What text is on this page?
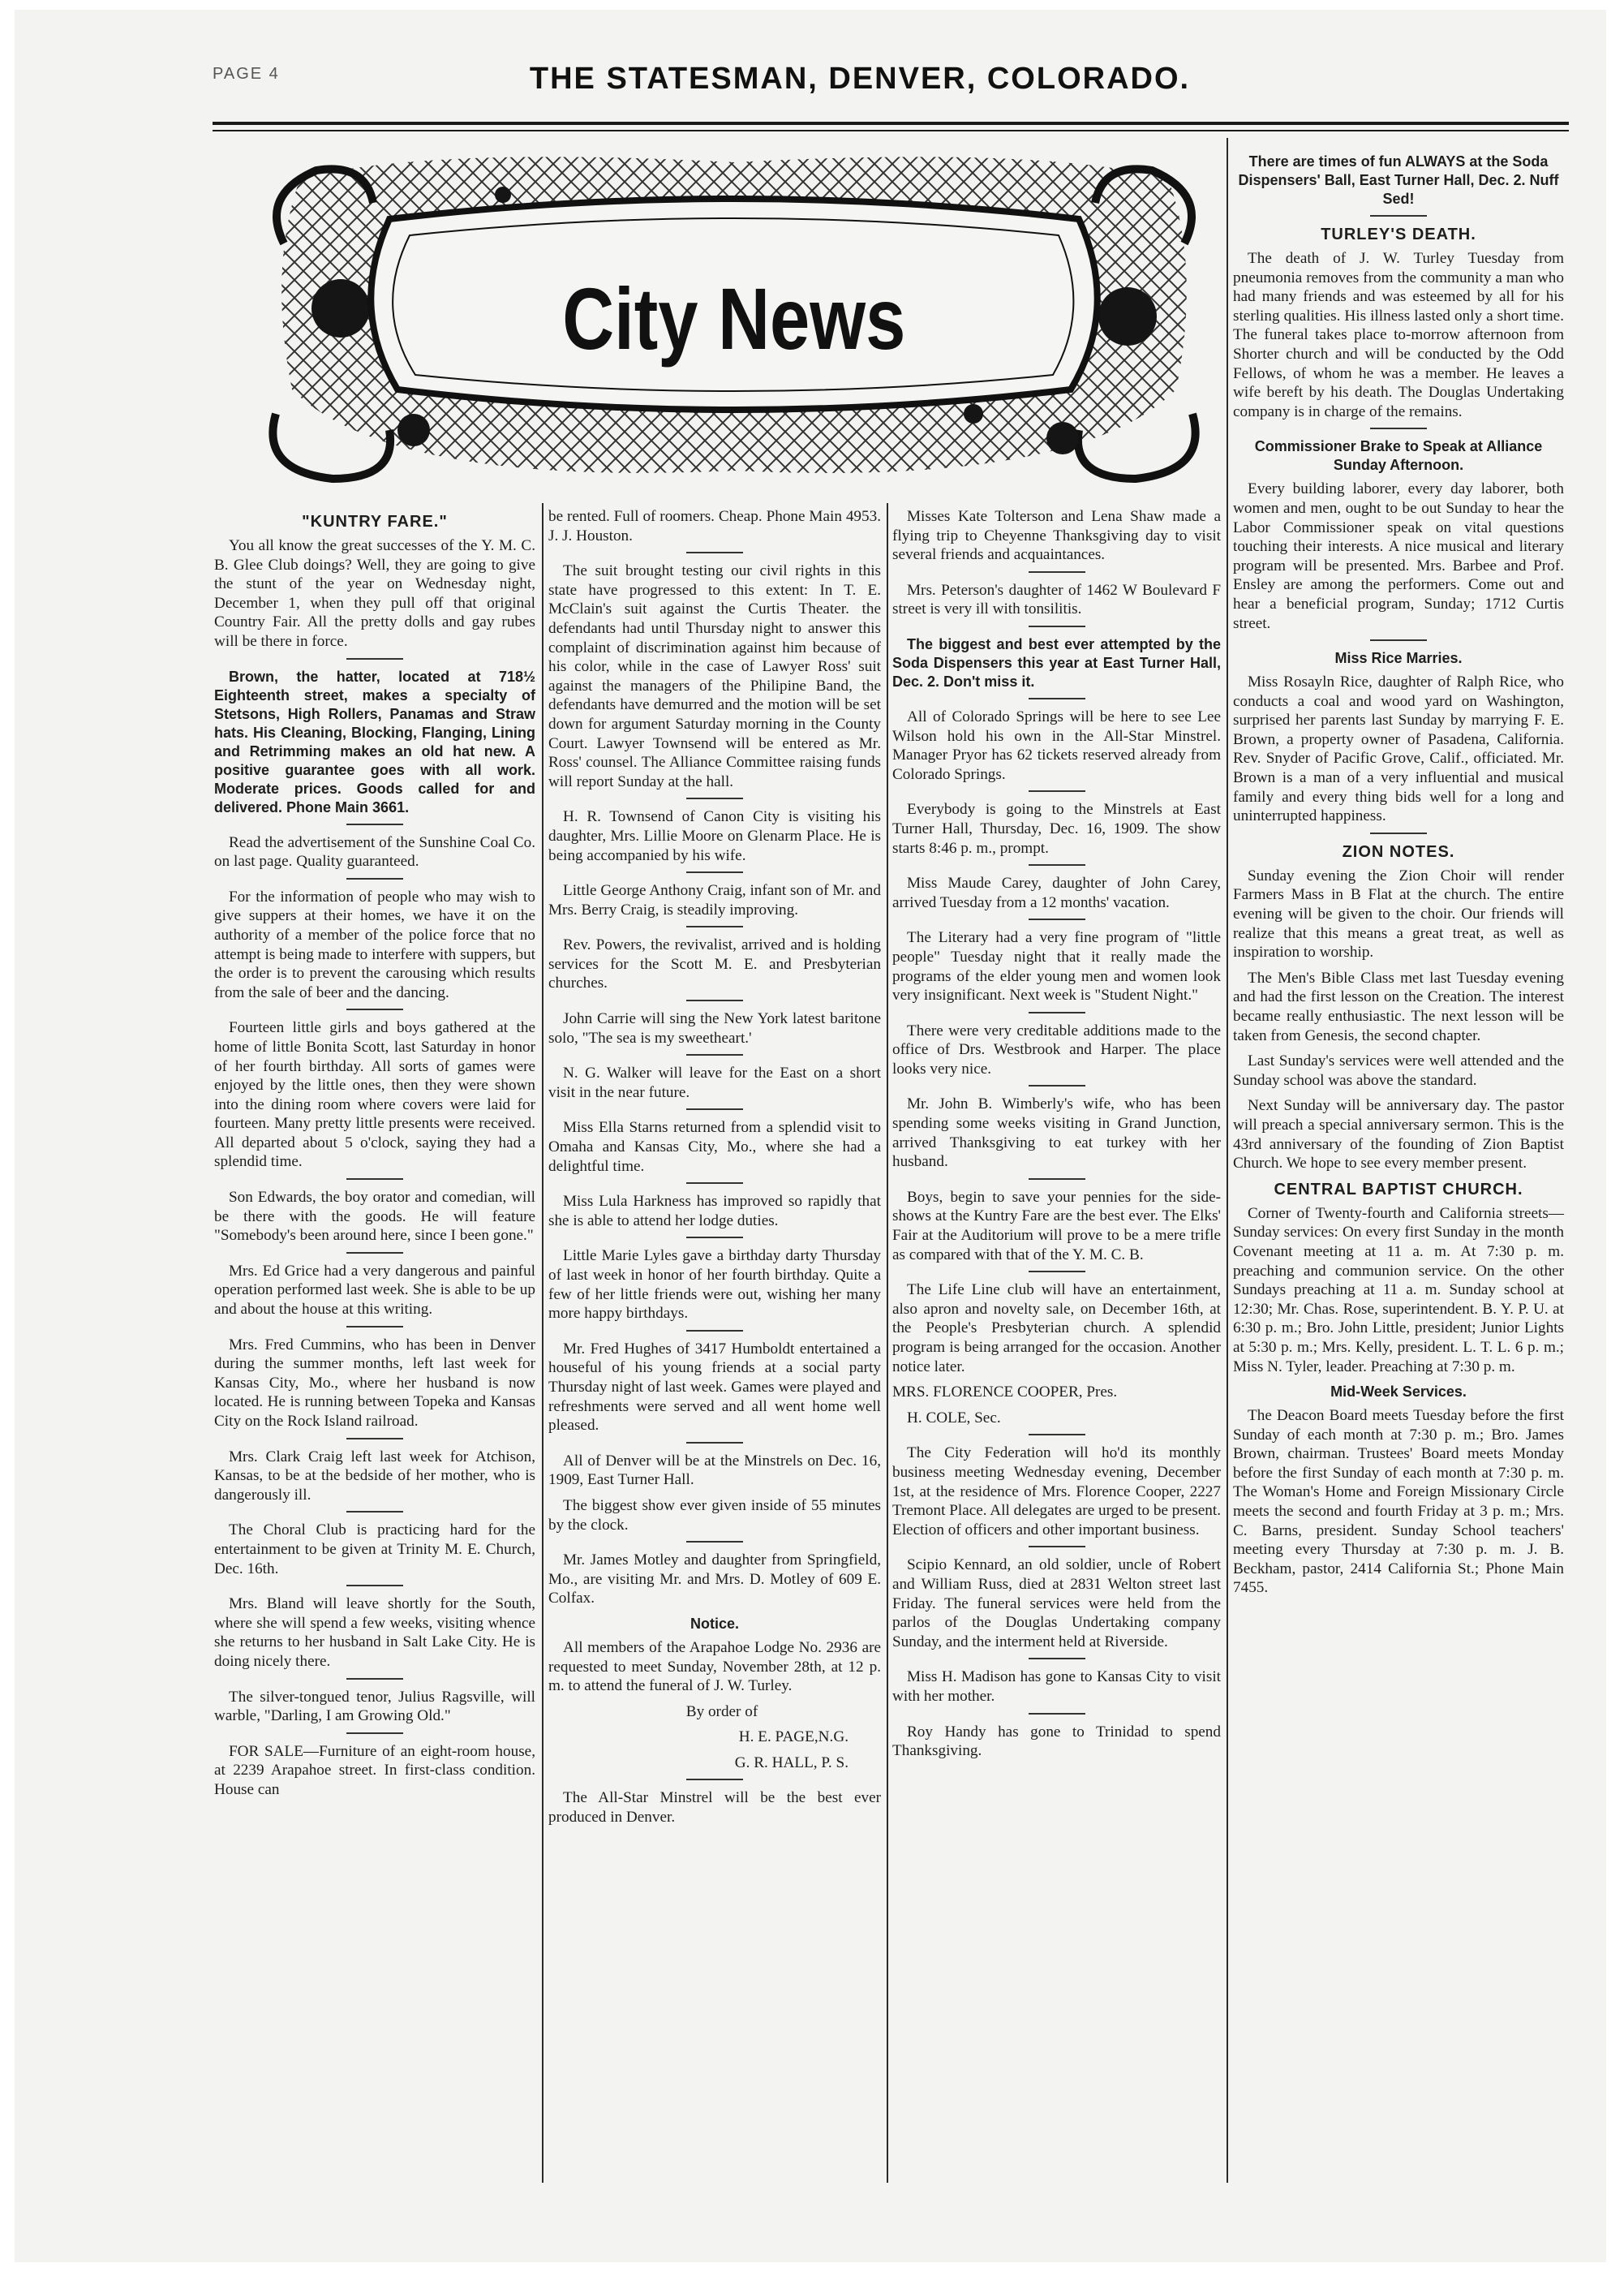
PAGE 4	THE STATESMAN, DENVER, COLORADO.
City News
"KUNTRY FARE."

You all know the great successes of the Y. M. C. B. Glee Club doings? Well, they are going to give the stunt of the year on Wednesday night, December 1, when they pull off that original Country Fair. All the pretty dolls and gay rubes will be there in force.

Brown, the hatter, located at 718½ Eighteenth street, makes a specialty of Stetsons, High Rollers, Panamas and Straw hats. His Cleaning, Blocking, Flanging, Lining and Retrimming makes an old hat new. A positive guarantee goes with all work. Moderate prices. Goods called for and delivered. Phone Main 3661.

Read the advertisement of the Sunshine Coal Co. on last page. Quality guaranteed.

For the information of people who may wish to give suppers at their homes, we have it on the authority of a member of the police force that no attempt is being made to interfere with suppers, but the order is to prevent the carousing which results from the sale of beer and the dancing.

Fourteen little girls and boys gathered at the home of little Bonita Scott, last Saturday in honor of her fourth birthday. All sorts of games were enjoyed by the little ones, then they were shown into the dining room where covers were laid for fourteen. Many pretty little presents were received. All departed about 5 o'clock, saying they had a splendid time.

Son Edwards, the boy orator and comedian, will be there with the goods. He will feature "Somebody's been around here, since I been gone."

Mrs. Ed Grice had a very dangerous and painful operation performed last week. She is able to be up and about the house at this writing.

Mrs. Fred Cummins, who has been in Denver during the summer months, left last week for Kansas City, Mo., where her husband is now located. He is running between Topeka and Kansas City on the Rock Island railroad.

Mrs. Clark Craig left last week for Atchison, Kansas, to be at the bedside of her mother, who is dangerously ill.

The Choral Club is practicing hard for the entertainment to be given at Trinity M. E. Church, Dec. 16th.

Mrs. Bland will leave shortly for the South, where she will spend a few weeks, visiting whence she returns to her husband in Salt Lake City. He is doing nicely there.

The silver-tongued tenor, Julius Ragsville, will warble, "Darling, I am Growing Old."

FOR SALE—Furniture of an eight-room house, at 2239 Arapahoe street. In first-class condition. House can

be rented. Full of roomers. Cheap. Phone Main 4953. J. J. Houston.

The suit brought testing our civil rights in this state have progressed to this extent: In T. E. McClain's suit against the Curtis Theater. the defendants had until Thursday night to answer this complaint of discrimination against him because of his color, while in the case of Lawyer Ross' suit against the managers of the Philipine Band, the defendants have demurred and the motion will be set down for argument Saturday morning in the County Court. Lawyer Townsend will be entered as Mr. Ross' counsel. The Alliance Committee raising funds will report Sunday at the hall.

H. R. Townsend of Canon City is visiting his daughter, Mrs. Lillie Moore on Glenarm Place. He is being accompanied by his wife.

Little George Anthony Craig, infant son of Mr. and Mrs. Berry Craig, is steadily improving.

Rev. Powers, the revivalist, arrived and is holding services for the Scott M. E. and Presbyterian churches.

John Carrie will sing the New York latest baritone solo, "The sea is my sweetheart.'

N. G. Walker will leave for the East on a short visit in the near future.

Miss Ella Starns returned from a splendid visit to Omaha and Kansas City, Mo., where she had a delightful time.

Miss Lula Harkness has improved so rapidly that she is able to attend her lodge duties.

Little Marie Lyles gave a birthday darty Thursday of last week in honor of her fourth birthday. Quite a few of her little friends were out, wishing her many more happy birthdays.

Mr. Fred Hughes of 3417 Humboldt entertained a houseful of his young friends at a social party Thursday night of last week. Games were played and refreshments were served and all went home well pleased.

All of Denver will be at the Minstrels on Dec. 16, 1909, East Turner Hall.

The biggest show ever given inside of 55 minutes by the clock.

Mr. James Motley and daughter from Springfield, Mo., are visiting Mr. and Mrs. D. Motley of 609 E. Colfax.

Notice.

All members of the Arapahoe Lodge No. 2936 are requested to meet Sunday, November 28th, at 12 p. m. to attend the funeral of J. W. Turley.

By order of

H. E. PAGE,N.G.

G. R. HALL, P. S.

The All-Star Minstrel will be the best ever produced in Denver.

Misses Kate Tolterson and Lena Shaw made a flying trip to Cheyenne Thanksgiving day to visit several friends and acquaintances.

Mrs. Peterson's daughter of 1462 W Boulevard F street is very ill with tonsilitis.

The biggest and best ever attempted by the Soda Dispensers this year at East Turner Hall, Dec. 2. Don't miss it.

All of Colorado Springs will be here to see Lee Wilson hold his own in the All-Star Minstrel. Manager Pryor has 62 tickets reserved already from Colorado Springs.

Everybody is going to the Minstrels at East Turner Hall, Thursday, Dec. 16, 1909. The show starts 8:46 p. m., prompt.

Miss Maude Carey, daughter of John Carey, arrived Tuesday from a 12 months' vacation.

The Literary had a very fine program of "little people" Tuesday night that it really made the programs of the elder young men and women look very insignificant. Next week is "Student Night."

There were very creditable additions made to the office of Drs. Westbrook and Harper. The place looks very nice.

Mr. John B. Wimberly's wife, who has been spending some weeks visiting in Grand Junction, arrived Thanksgiving to eat turkey with her husband.

Boys, begin to save your pennies for the side-shows at the Kuntry Fare are the best ever. The Elks' Fair at the Auditorium will prove to be a mere trifle as compared with that of the Y. M. C. B.

The Life Line club will have an entertainment, also apron and novelty sale, on December 16th, at the People's Presbyterian church. A splendid program is being arranged for the occasion. Another notice later.

MRS. FLORENCE COOPER, Pres.

H. COLE, Sec.

The City Federation will ho'd its monthly business meeting Wednesday evening, December 1st, at the residence of Mrs. Florence Cooper, 2227 Tremont Place. All delegates are urged to be present. Election of officers and other important business.

Scipio Kennard, an old soldier, uncle of Robert and William Russ, died at 2831 Welton street last Friday. The funeral services were held from the parlos of the Douglas Undertaking company Sunday, and the interment held at Riverside.

Miss H. Madison has gone to Kansas City to visit with her mother.

Roy Handy has gone to Trinidad to spend Thanksgiving.

There are times of fun ALWAYS at the Soda Dispensers' Ball, East Turner Hall, Dec. 2. Nuff Sed!

TURLEY'S DEATH.

The death of J. W. Turley Tuesday from pneumonia removes from the community a man who had many friends and was esteemed by all for his sterling qualities. His illness lasted only a short time. The funeral takes place to-morrow afternoon from Shorter church and will be conducted by the Odd Fellows, of whom he was a member. He leaves a wife bereft by his death. The Douglas Undertaking company is in charge of the remains.

Commissioner Brake to Speak at Alliance Sunday Afternoon.

Every building laborer, every day laborer, both women and men, ought to be out Sunday to hear the Labor Commissioner speak on vital questions touching their interests. A nice musical and literary program will be presented. Mrs. Barbee and Prof. Ensley are among the performers. Come out and hear a beneficial program, Sunday; 1712 Curtis street.

Miss Rice Marries.

Miss Rosayln Rice, daughter of Ralph Rice, who conducts a coal and wood yard on Washington, surprised her parents last Sunday by marrying F. E. Brown, a property owner of Pasadena, California. Rev. Snyder of Pacific Grove, Calif., officiated. Mr. Brown is a man of a very influential and musical family and every thing bids well for a long and uninterrupted happiness.

ZION NOTES.

Sunday evening the Zion Choir will render Farmers Mass in B Flat at the church. The entire evening will be given to the choir. Our friends will realize that this means a great treat, as well as inspiration to worship.

The Men's Bible Class met last Tuesday evening and had the first lesson on the Creation. The interest became really enthusiastic. The next lesson will be taken from Genesis, the second chapter.

Last Sunday's services were well attended and the Sunday school was above the standard.

Next Sunday will be anniversary day. The pastor will preach a special anniversary sermon. This is the 43rd anniversary of the founding of Zion Baptist Church. We hope to see every member present.

CENTRAL BAPTIST CHURCH.

Corner of Twenty-fourth and California streets—Sunday services: On every first Sunday in the month Covenant meeting at 11 a. m. At 7:30 p. m. preaching and communion service. On the other Sundays preaching at 11 a. m. Sunday school at 12:30; Mr. Chas. Rose, superintendent. B. Y. P. U. at 6:30 p. m.; Bro. John Little, president; Junior Lights at 5:30 p. m.; Mrs. Kelly, president. L. T. L. 6 p. m.; Miss N. Tyler, leader. Preaching at 7:30 p. m.

Mid-Week Services.

The Deacon Board meets Tuesday before the first Sunday of each month at 7:30 p. m.; Bro. James Brown, chairman. Trustees' Board meets Monday before the first Sunday of each month at 7:30 p. m. The Woman's Home and Foreign Missionary Circle meets the second and fourth Friday at 3 p. m.; Mrs. C. Barns, president. Sunday School teachers' meeting every Thursday at 7:30 p. m. J. B. Beckham, pastor, 2414 California St.; Phone Main 7455.
